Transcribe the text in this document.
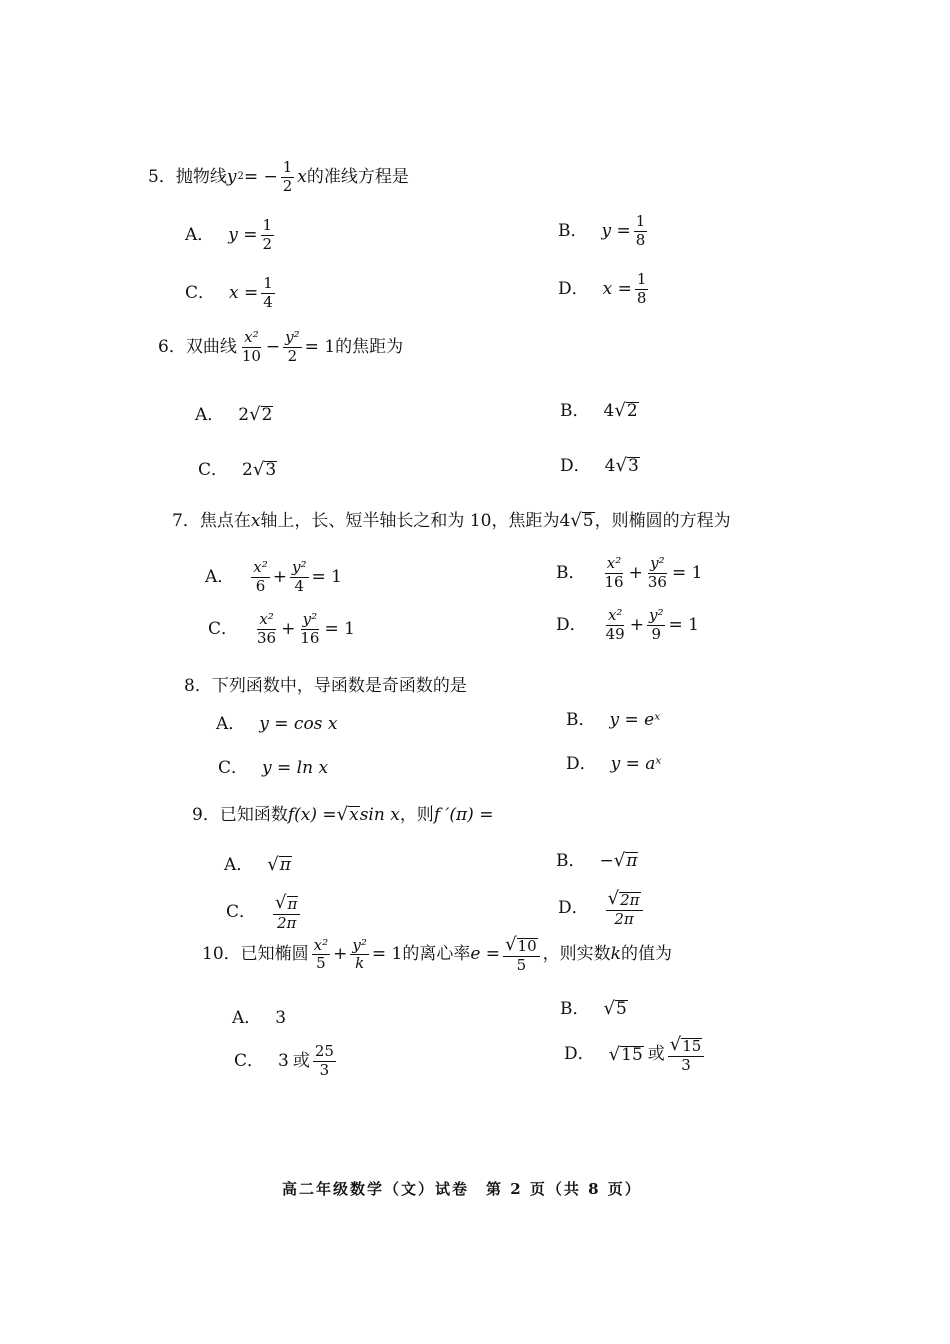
5． 抛物线 y 2 = − $\frac{1}{2}$ x 的准线方程是
A． $y = \frac{1}{2}$	B． $y = \frac{1}{8}$
C． $x = \frac{1}{4}$	D． $x = \frac{1}{8}$
6． 双曲线 $\frac{\text{x²}}{10} - \frac{\text{y²}}{2} = 1$ 的焦距为
A． 2 √ 2	B． 4 √ 2
C． 2 √ 3	D． 4 √ 3
7． 焦点在 x 轴上，长、短半轴长之和为 10，焦距为 4 √ 5 ，则椭圆的方程为
A． $\frac{\text{x²}}{6} + \frac{\text{y²}}{4} = 1$	B． $\frac{\text{x²}}{16} + \frac{\text{y²}}{36} = 1$
C． $\frac{\text{x²}}{36} + \frac{\text{y²}}{16} = 1$	D． $\frac{\text{x²}}{49} + \frac{\text{y²}}{9} = 1$
8． 下列函数中，导函数是奇函数的是
A． y = cos x	B． y = eˣ
C． y = ln x	D． y = aˣ
9． 已知函数 f(x) = √ x sin x ，则 f ′(π) =
A． √ π	B． − √ π
C． $\frac{√ \pi}{2\pi}$	D． $\frac{√ 2\pi}{2\pi}$
10． 已知椭圆 $\frac{\text{x²}}{5} + \frac{\text{y²}}{k} = 1$ 的离心率 $e = \frac{√ 10}{5}$ ，则实数 k 的值为
A． 3	B． √ 5
C． 3 或 $\frac{25}{3}$	D． √ 15 或 $\frac{√ 15}{3}$
高二年级数学（文）试卷　第 2 页（共 8 页）
